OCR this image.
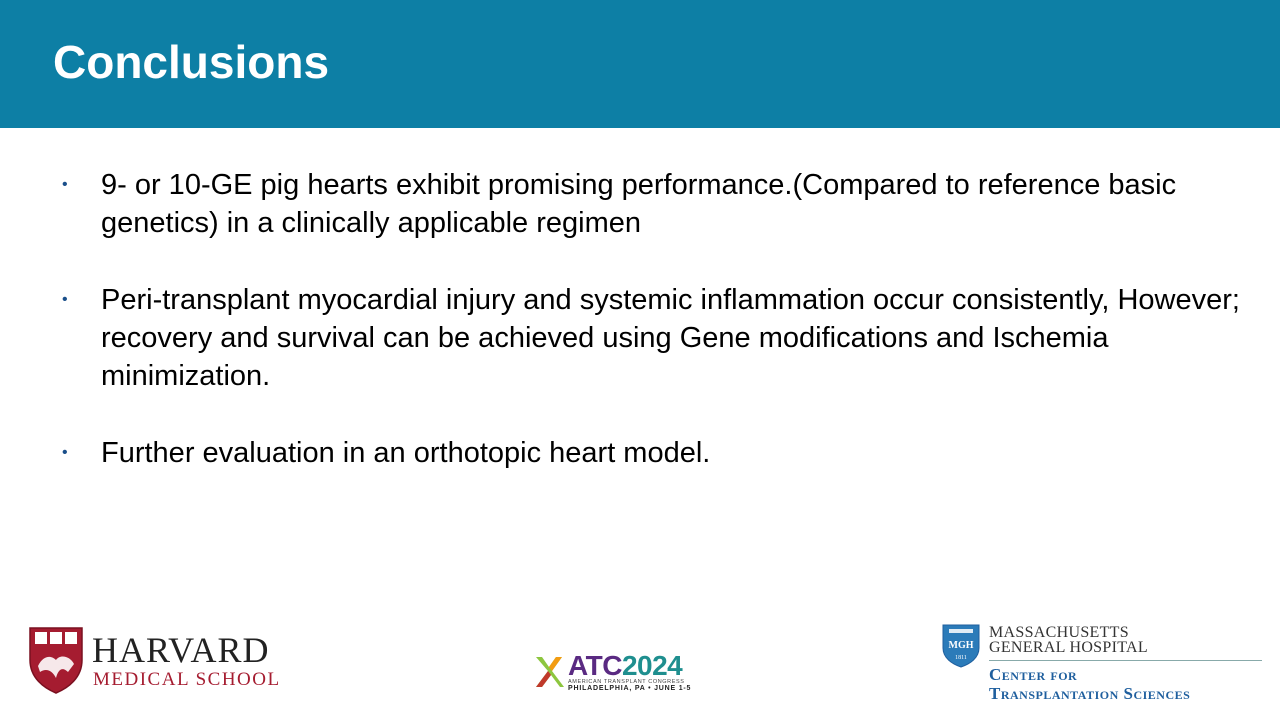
Conclusions
• 9- or 10-GE pig hearts exhibit promising performance.(Compared to reference basic genetics) in a clinically applicable regimen
• Peri-transplant myocardial injury and systemic inflammation occur consistently, However; recovery and survival can be achieved using Gene modifications and Ischemia minimization.
• Further evaluation in an orthotopic heart model.
HARVARD
MEDICAL SCHOOL	ATC2024
AMERICAN TRANSPLANT CONGRESS
PHILADELPHIA, PA • JUNE 1-5
MGH
1811
MASSACHUSETTS
GENERAL HOSPITAL
Center for
Transplantation Sciences
